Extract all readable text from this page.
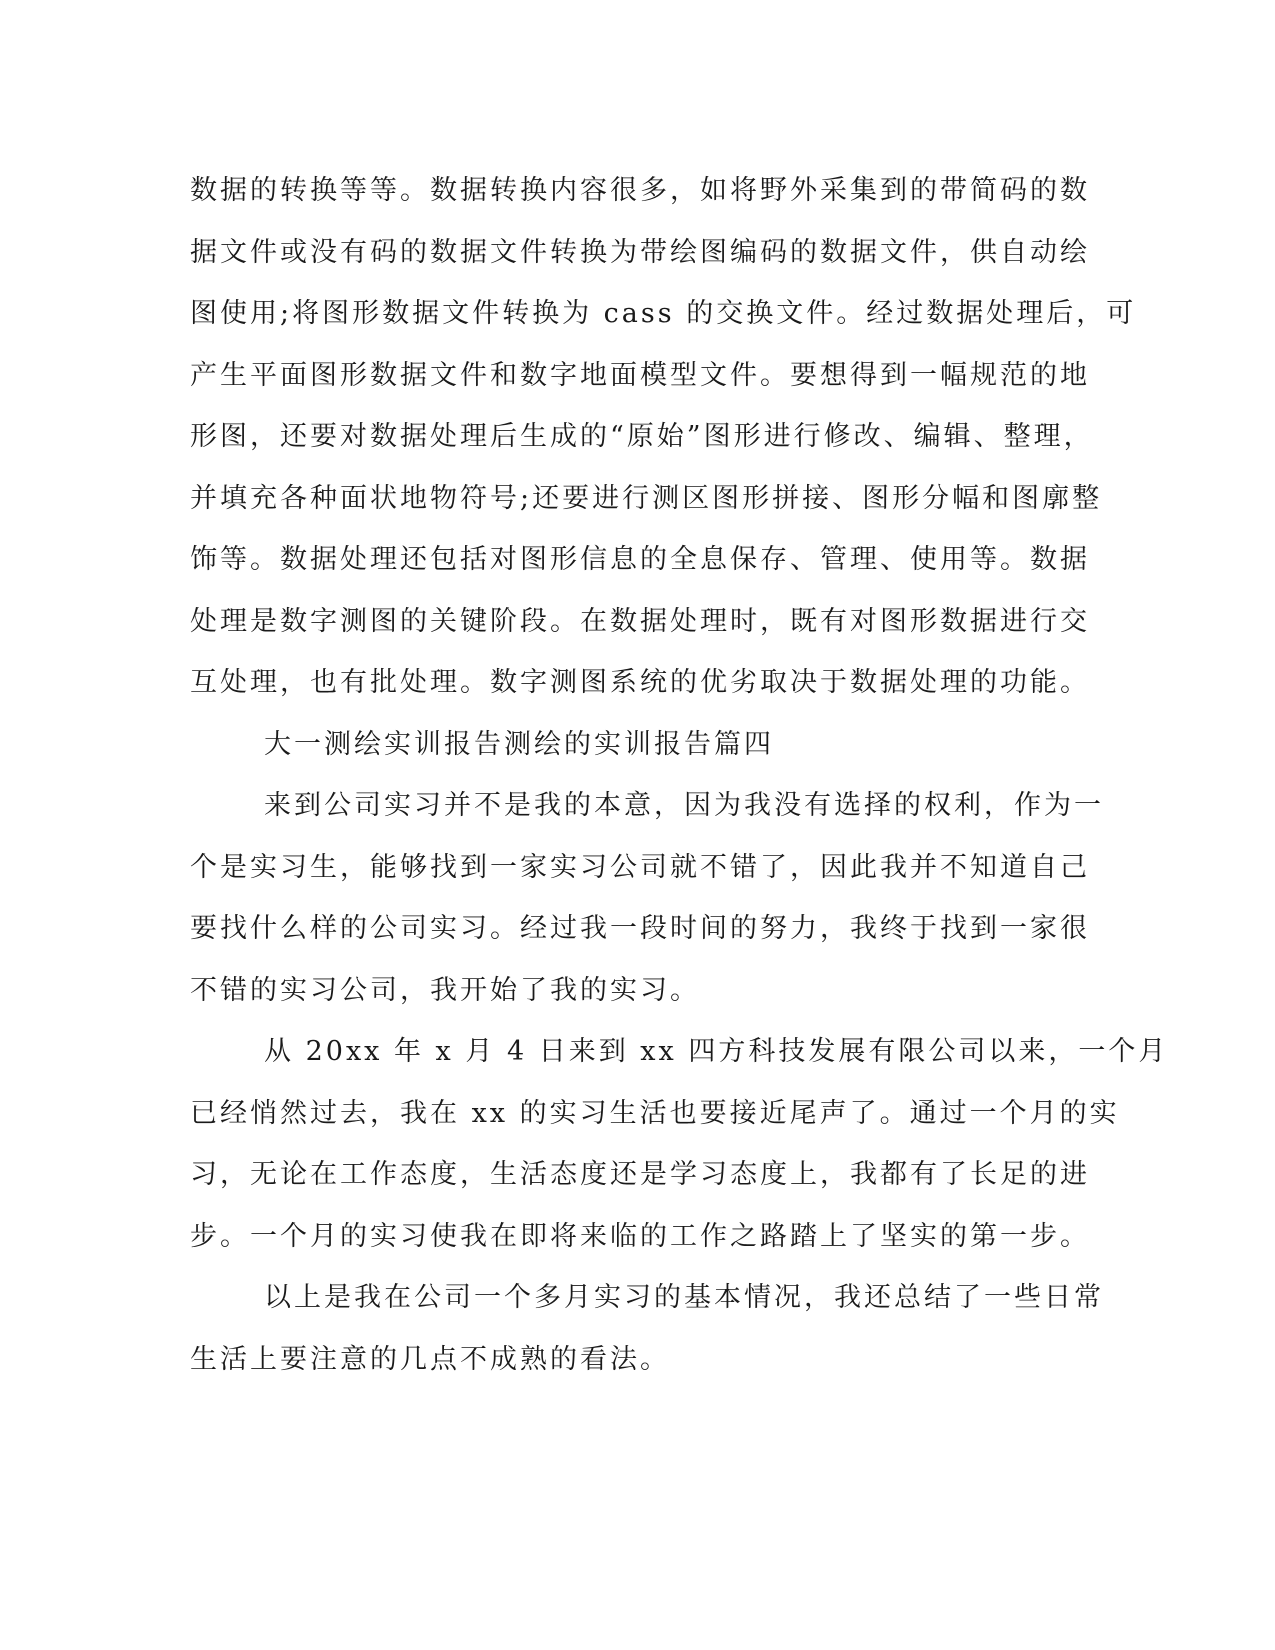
数据的转换等等。数据转换内容很多，如将野外采集到的带简码的数
据文件或没有码的数据文件转换为带绘图编码的数据文件，供自动绘
图使用;将图形数据文件转换为 cass 的交换文件。经过数据处理后，可
产生平面图形数据文件和数字地面模型文件。要想得到一幅规范的地
形图，还要对数据处理后生成的“原始”图形进行修改、编辑、整理，
并填充各种面状地物符号;还要进行测区图形拼接、图形分幅和图廓整
饰等。数据处理还包括对图形信息的全息保存、管理、使用等。数据
处理是数字测图的关键阶段。在数据处理时，既有对图形数据进行交
互处理，也有批处理。数字测图系统的优劣取决于数据处理的功能。
大一测绘实训报告测绘的实训报告篇四
来到公司实习并不是我的本意，因为我没有选择的权利，作为一
个是实习生，能够找到一家实习公司就不错了，因此我并不知道自己
要找什么样的公司实习。经过我一段时间的努力，我终于找到一家很
不错的实习公司，我开始了我的实习。
从 20xx 年 x 月 4 日来到 xx 四方科技发展有限公司以来，一个月
已经悄然过去，我在 xx 的实习生活也要接近尾声了。通过一个月的实
习，无论在工作态度，生活态度还是学习态度上，我都有了长足的进
步。一个月的实习使我在即将来临的工作之路踏上了坚实的第一步。
以上是我在公司一个多月实习的基本情况，我还总结了一些日常
生活上要注意的几点不成熟的看法。
